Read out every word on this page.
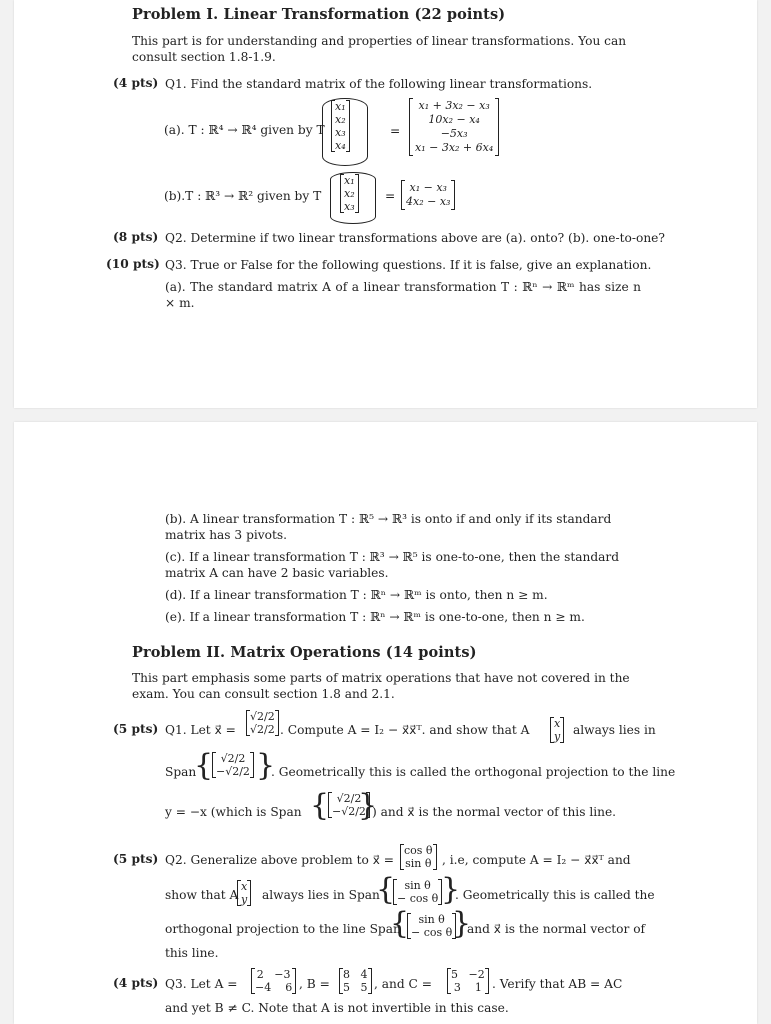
Problem I. Linear Transformation (22 points)
This part is for understanding and properties of linear transformations. You can consult section 1.8-1.9.
(4 pts) Q1. Find the standard matrix of the following linear transformations.
(a). T : ℝ⁴ → ℝ⁴ given by T
x₁
x₂
x₃
x₄
=
x₁ + 3x₂ − x₃
10x₂ − x₄
−5x₃
x₁ − 3x₂ + 6x₄
(b).T : ℝ³ → ℝ² given by T
x₁
x₂
x₃
=
x₁ − x₃
4x₂ − x₃
(8 pts) Q2. Determine if two linear transformations above are (a). onto? (b). one-to-one?
(10 pts) Q3. True or False for the following questions. If it is false, give an explanation.
(a). The standard matrix A of a linear transformation T : ℝⁿ → ℝᵐ has size n × m.
(b). A linear transformation T : ℝ⁵ → ℝ³ is onto if and only if its standard matrix has 3 pivots.
(c). If a linear transformation T : ℝ³ → ℝ⁵ is one-to-one, then the standard matrix A can have 2 basic variables.
(d). If a linear transformation T : ℝⁿ → ℝᵐ is onto, then n ≥ m.
(e). If a linear transformation T : ℝⁿ → ℝᵐ is one-to-one, then n ≥ m.
Problem II. Matrix Operations (14 points)
This part emphasis some parts of matrix operations that have not covered in the exam. You can consult section 1.8 and 2.1.
(5 pts) Q1. Let x⃗ =
√2/2
√2/2 . Compute A = I₂ − x⃗x⃗ᵀ. and show that A x
y always lies in
Span
{ √2/2
−√2/2 }
. Geometrically this is called the orthogonal projection to the line
y = −x (which is Span { √2/2
−√2/2
}
) and x⃗ is the normal vector of this line.
(5 pts) Q2. Generalize above problem to x⃗ =
cos θ
sin θ , i.e, compute A = I₂ − x⃗x⃗ᵀ and
show that A
x
y always lies in Span
{ sin θ
− cos θ }
. Geometrically this is called the
orthogonal projection to the line Span
{ sin θ
− cos θ }
and x⃗ is the normal vector of
this line.
(4 pts) Q3. Let A =
2 −3
−4 6 , B =
8 4
5 5 , and C =
5 −2
3 1 . Verify that AB = AC
and yet B ≠ C. Note that A is not invertible in this case.
